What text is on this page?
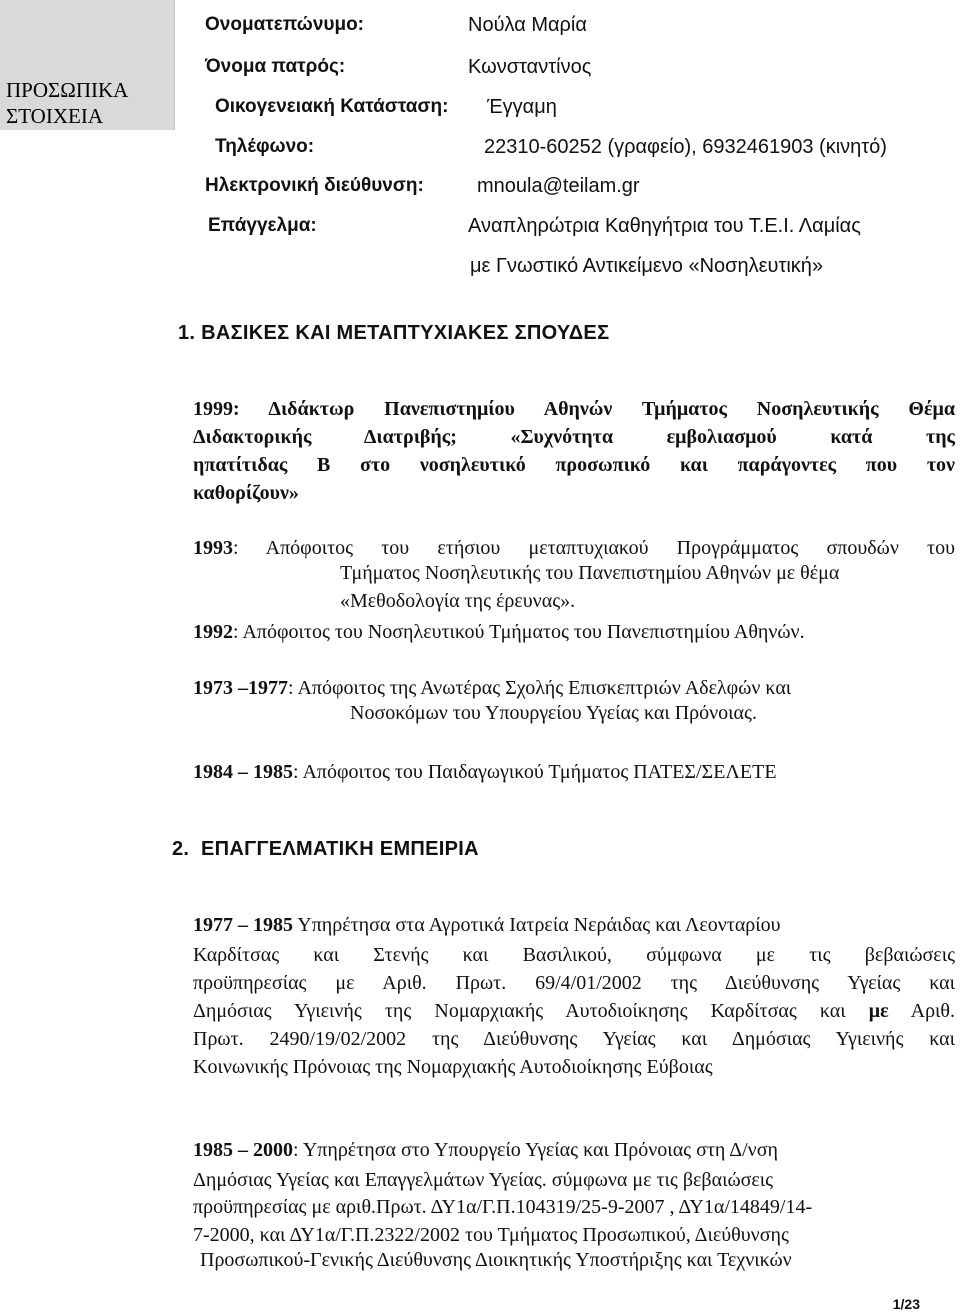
ΠΡΟΣΩΠΙΚΑ ΣΤΟΙΧΕΙΑ
Ονοματεπώνυμο:	Νούλα Μαρία
Όνομα πατρός:	Κωνσταντίνος
Οικογενειακή Κατάσταση: Έγγαμη
Τηλέφωνο:	22310-60252 (γραφείο), 6932461903 (κινητό)
Ηλεκτρονική διεύθυνση:	mnoula@teilam.gr
Επάγγελμα:	Αναπληρώτρια Καθηγήτρια του Τ.Ε.Ι. Λαμίας
με Γνωστικό Αντικείμενο «Νοσηλευτική»
1. ΒΑΣΙΚΕΣ ΚΑΙ ΜΕΤΑΠΤΥΧΙΑΚΕΣ ΣΠΟΥΔΕΣ
1999: Διδάκτωρ Πανεπιστημίου Αθηνών Τμήματος Νοσηλευτικής Θέμα
Διδακτορικής Διατριβής; «Συχνότητα εμβολιασμού κατά της
ηπατίτιδας Β στο νοσηλευτικό προσωπικό και παράγοντες που τον
καθορίζουν»
1993: Απόφοιτος του ετήσιου μεταπτυχιακού Προγράμματος σπουδών του
Τμήματος Νοσηλευτικής του Πανεπιστημίου Αθηνών με θέμα
«Μεθοδολογία της έρευνας».
1992: Απόφοιτος του Νοσηλευτικού Τμήματος του Πανεπιστημίου Αθηνών.
1973 –1977: Απόφοιτος της Ανωτέρας Σχολής Επισκεπτριών Αδελφών και
Νοσοκόμων του Υπουργείου Υγείας και Πρόνοιας.
1984 – 1985: Απόφοιτος του Παιδαγωγικού Τμήματος ΠΑΤΕΣ/ΣΕΛΕΤΕ
2. ΕΠΑΓΓΕΛΜΑΤΙΚΗ ΕΜΠΕΙΡΙΑ
1977 – 1985 Υπηρέτησα στα Αγροτικά Ιατρεία Νεράιδας και Λεονταρίου
Καρδίτσας και Στενής και Βασιλικού, σύμφωνα με τις βεβαιώσεις
προϋπηρεσίας με Αριθ. Πρωτ. 69/4/01/2002 της Διεύθυνσης Υγείας και
Δημόσιας Υγιεινής της Νομαρχιακής Αυτοδιοίκησης Καρδίτσας και με Αριθ.
Πρωτ. 2490/19/02/2002 της Διεύθυνσης Υγείας και Δημόσιας Υγιεινής και
Κοινωνικής Πρόνοιας της Νομαρχιακής Αυτοδιοίκησης Εύβοιας
1985 – 2000: Υπηρέτησα στο Υπουργείο Υγείας και Πρόνοιας στη Δ/νση
Δημόσιας Υγείας και Επαγγελμάτων Υγείας. σύμφωνα με τις βεβαιώσεις
προϋπηρεσίας με αριθ.Πρωτ. ΔΥ1α/Γ.Π.104319/25-9-2007 , ΔΥ1α/14849/14-
7-2000, και ΔΥ1α/Γ.Π.2322/2002 του Τμήματος Προσωπικού, Διεύθυνσης
Προσωπικού-Γενικής Διεύθυνσης Διοικητικής Υποστήριξης και Τεχνικών
1/23
